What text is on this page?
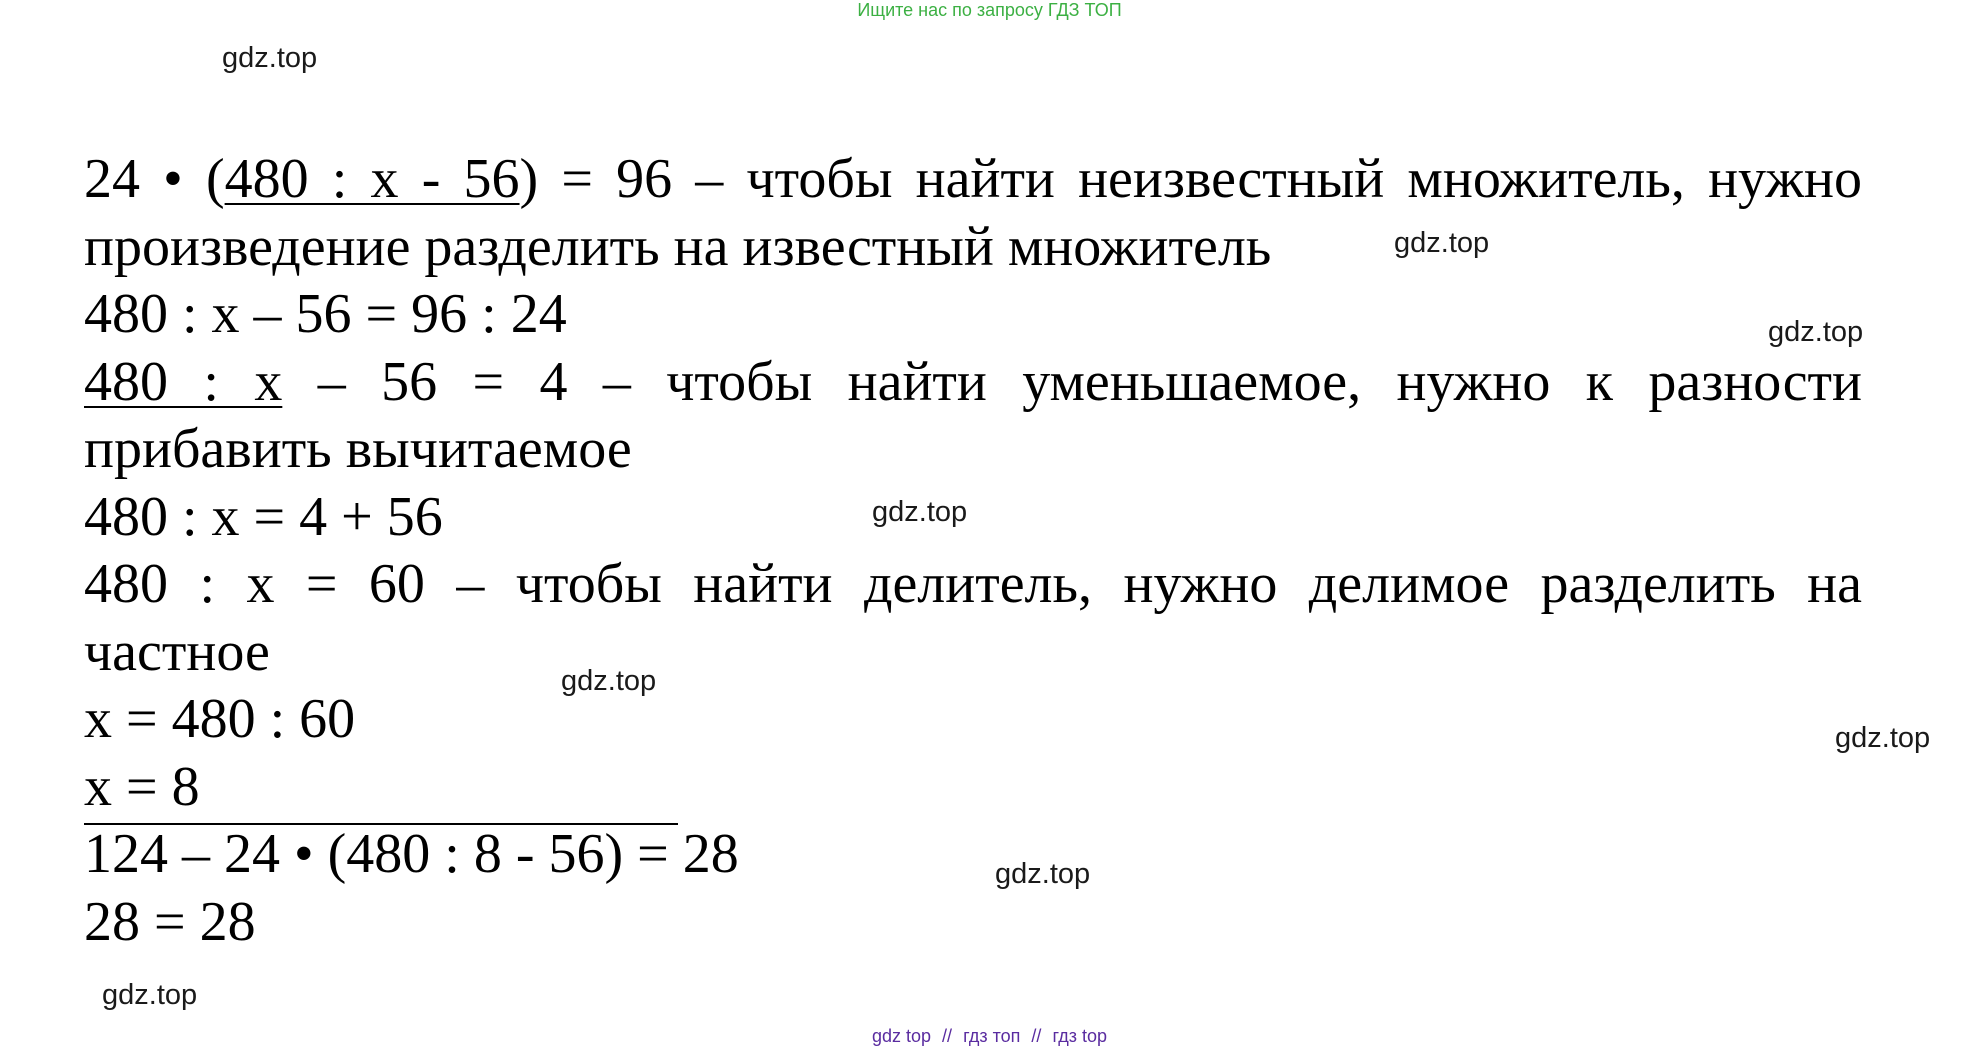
Ищите нас по запросу ГДЗ ТОП
gdz.top
gdz.top
gdz.top
gdz.top
gdz.top
gdz.top
gdz.top
gdz.top
24 • (480 : x - 56) = 96 – чтобы найти неизвестный множитель, нужно
произведение разделить на известный множитель
480 : x – 56 = 96 : 24
480 : x – 56 = 4 – чтобы найти уменьшаемое, нужно к разности
прибавить вычитаемое
480 : x = 4 + 56
480 : x = 60 – чтобы найти делитель, нужно делимое разделить на
частное
x = 480 : 60
x = 8
124 – 24 • (480 : 8 - 56) = 28
28 = 28
gdz top // гдз топ // гдз top
